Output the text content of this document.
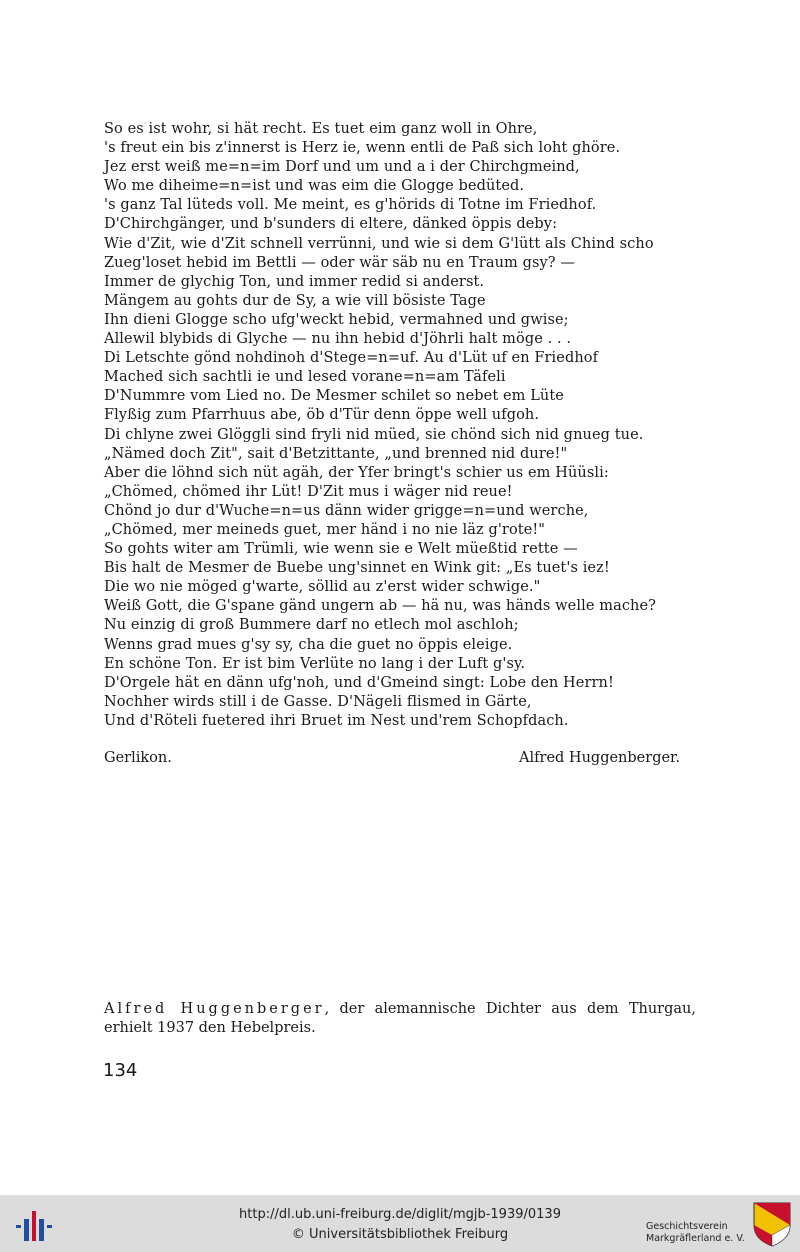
So es ist wohr, si hät recht. Es tuet eim ganz woll in Ohre,
's freut ein bis z'innerst is Herz ie, wenn entli de Paß sich loht ghöre.
Jez erst weiß me=n=im Dorf und um und a i der Chirchgmeind,
Wo me diheime=n=ist und was eim die Glogge bedüted.
's ganz Tal lüteds voll. Me meint, es g'hörids di Totne im Friedhof.
D'Chirchgänger, und b'sunders di eltere, dänked öppis deby:
Wie d'Zit, wie d'Zit schnell verrünni, und wie si dem G'lütt als Chind scho
Zueg'loset hebid im Bettli — oder wär säb nu en Traum gsy? —
Immer de glychig Ton, und immer redid si anderst.
Mängem au gohts dur de Sy, a wie vill bösiste Tage
Ihn dieni Glogge scho ufg'weckt hebid, vermahned und gwise;
Allewil blybids di Glyche — nu ihn hebid d'Jöhrli halt möge . . .
Di Letschte gönd nohdinoh d'Stege=n=uf. Au d'Lüt uf en Friedhof
Mached sich sachtli ie und lesed vorane=n=am Täfeli
D'Nummre vom Lied no. De Mesmer schilet so nebet em Lüte
Flyßig zum Pfarrhuus abe, öb d'Tür denn öppe well ufgoh.
Di chlyne zwei Glöggli sind fryli nid müed, sie chönd sich nid gnueg tue.
„Nämed doch Zit", sait d'Betzittante, „und brenned nid dure!"
Aber die löhnd sich nüt agäh, der Yfer bringt's schier us em Hüüsli:
„Chömed, chömed ihr Lüt! D'Zit mus i wäger nid reue!
Chönd jo dur d'Wuche=n=us dänn wider grigge=n=und werche,
„Chömed, mer meineds guet, mer händ i no nie läz g'rote!"
So gohts witer am Trümli, wie wenn sie e Welt müeßtid rette —
Bis halt de Mesmer de Buebe ung'sinnet en Wink git: „Es tuet's iez!
Die wo nie möged g'warte, söllid au z'erst wider schwige."
Weiß Gott, die G'spane gänd ungern ab — hä nu, was händs welle mache?
Nu einzig di groß Bummere darf no etlech mol aschloh;
Wenns grad mues g'sy sy, cha die guet no öppis eleige.
En schöne Ton. Er ist bim Verlüte no lang i der Luft g'sy.
D'Orgele hät en dänn ufg'noh, und d'Gmeind singt: Lobe den Herrn!
Nochher wirds still i de Gasse. D'Nägeli flismed in Gärte,
Und d'Röteli fuetered ihri Bruet im Nest und'rem Schopfdach.
Gerlikon.	Alfred Huggenberger.
Alfred Huggenberger, der alemannische Dichter aus dem Thurgau, erhielt 1937 den Hebelpreis.
134
http://dl.ub.uni-freiburg.de/diglit/mgjb-1939/0139
© Universitätsbibliothek Freiburg
Geschichtsverein
Markgräflerland e. V.
